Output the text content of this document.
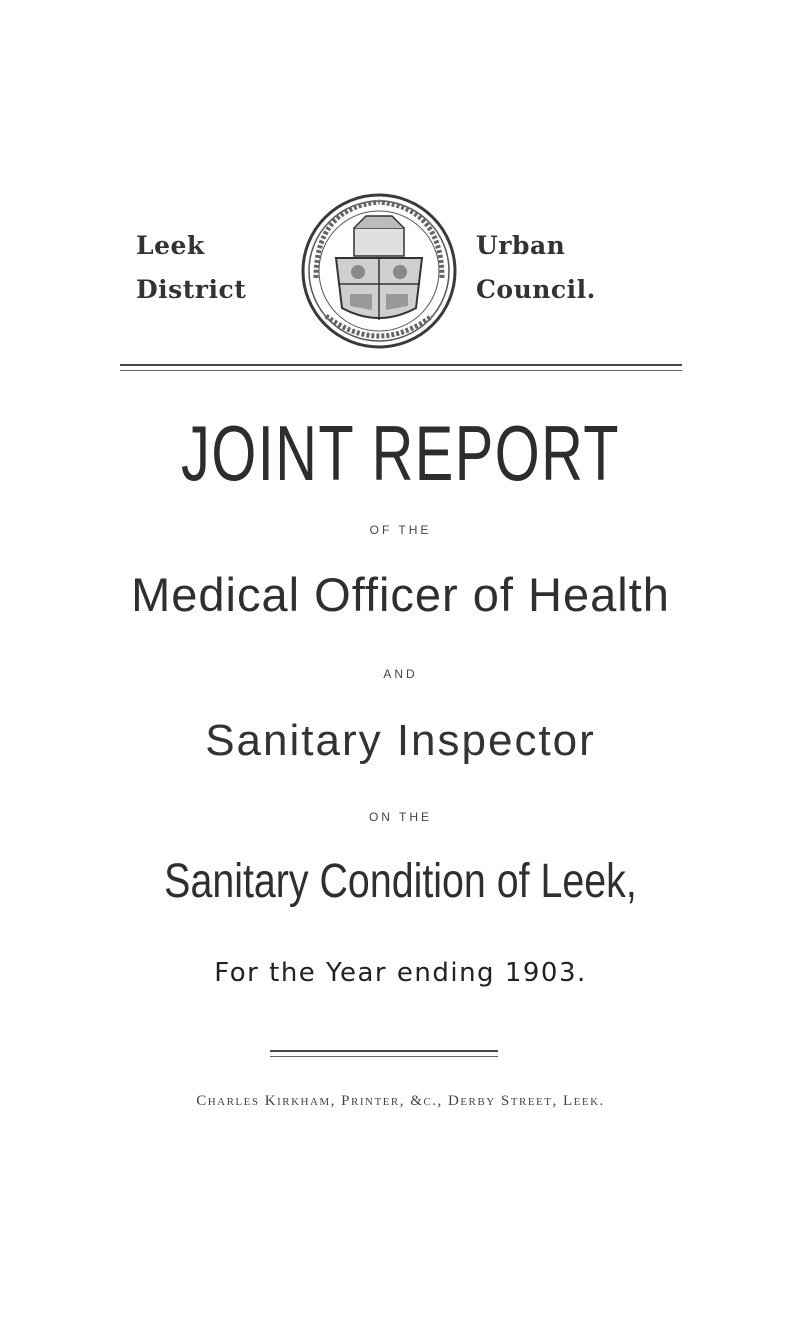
Leek
District
Urban
Council.
JOINT REPORT
OF THE
Medical Officer of Health
AND
Sanitary Inspector
ON THE
Sanitary Condition of Leek,
For the Year ending 1903.
Charles Kirkham, Printer, &c., Derby Street, Leek.
